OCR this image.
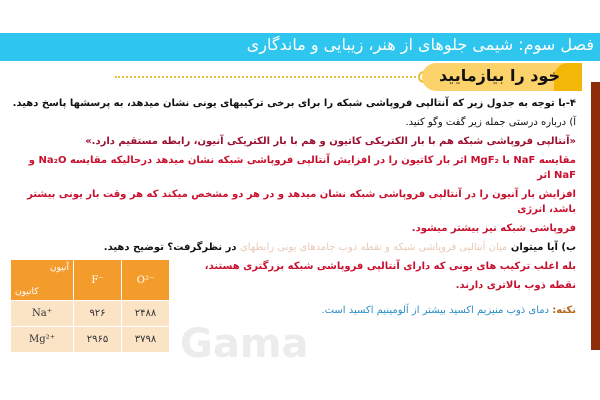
فصل سوم: شیمی جلوهای از هنر، زیبایی و ماندگاری
خود را بیازمایید
۴-با توجه به جدول زیر که آنتالپی فروپاشی شبکه را برای برخی ترکیبهای یونی نشان میدهد، به پرسشها پاسخ دهید.
آ) درباره درستی جمله زیر گفت وگو کنید.
«آنتالپی فروپاشی شبکه هم با بار الکتریکی کاتیون و هم با بار الکتریکی آنیون، رابطه مستقیم دارد.»
مقایسه NaF با MgF₂ اثر بار کاتیون را در افزایش آنتالپی فروپاشی شبکه نشان میدهد درحالیکه مقایسه Na₂O و NaF اثر
افزایش بار آنیون را در آنتالپی فروپاشی شبکه نشان میدهد و در هر دو مشخص میکند که هر وقت بار یونی بیشتر باشد، انرژی
فروپاشی شبکه نیز بیشتر میشود.
ب) آیا میتوان میان آنتالپی فروپاشی شبکه و نقطه ذوب جامدهای یونی رابطهای در نظرگرفت؟ توضیح دهید.
بله اغلب ترکیب های یونی که دارای آنتالپی فروپاشی شبکه بزرگتری هستند،
نقطه ذوب بالاتری دارند.
نکته: دمای ذوب منیزیم اکسید بیشتر از آلومینیم اکسید است.
Gama
آنیون
کاتیون	F⁻	O²⁻
Na⁺	۹۲۶	۲۴۸۸
Mg²⁺	۲۹۶۵	۳۷۹۸
